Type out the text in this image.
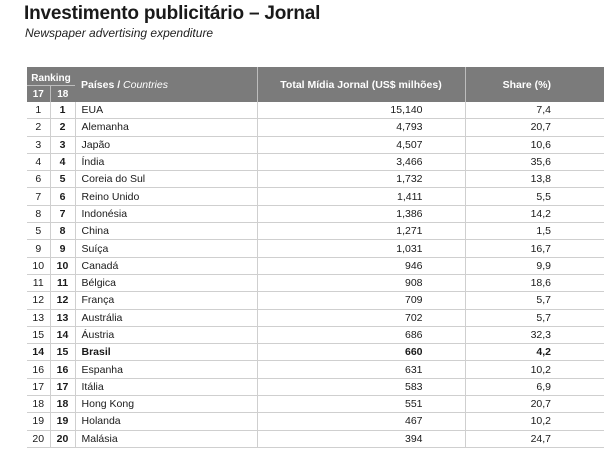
Investimento publicitário – Jornal
Newspaper advertising expenditure
Ranking		Países / Countries	Total Mídia Jornal (US$ milhões)	Share (%)
17	18			
1	1	EUA	15,140	7,4
2	2	Alemanha	4,793	20,7
3	3	Japão	4,507	10,6
4	4	Índia	3,466	35,6
6	5	Coreia do Sul	1,732	13,8
7	6	Reino Unido	1,411	5,5
8	7	Indonésia	1,386	14,2
5	8	China	1,271	1,5
9	9	Suíça	1,031	16,7
10	10	Canadá	946	9,9
11	11	Bélgica	908	18,6
12	12	França	709	5,7
13	13	Austrália	702	5,7
15	14	Áustria	686	32,3
14	15	Brasil	660	4,2
16	16	Espanha	631	10,2
17	17	Itália	583	6,9
18	18	Hong Kong	551	20,7
19	19	Holanda	467	10,2
20	20	Malásia	394	24,7
